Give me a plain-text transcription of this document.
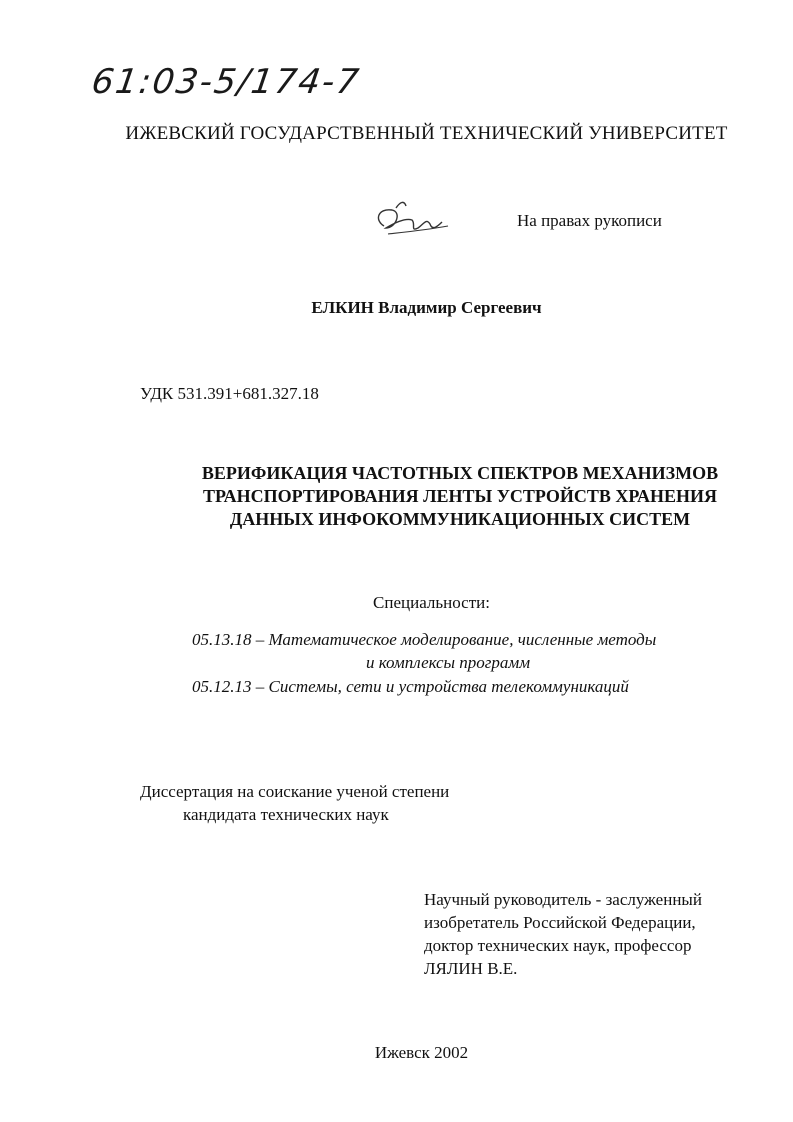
61:03-5/174-7
ИЖЕВСКИЙ ГОСУДАРСТВЕННЫЙ ТЕХНИЧЕСКИЙ УНИВЕРСИТЕТ
На правах рукописи
ЕЛКИН Владимир Сергеевич
УДК 531.391+681.327.18
ВЕРИФИКАЦИЯ ЧАСТОТНЫХ СПЕКТРОВ МЕХАНИЗМОВ
ТРАНСПОРТИРОВАНИЯ ЛЕНТЫ УСТРОЙСТВ ХРАНЕНИЯ
ДАННЫХ ИНФОКОММУНИКАЦИОННЫХ СИСТЕМ
Специальности:
05.13.18 – Математическое моделирование, численные методы
и комплексы программ
05.12.13 – Системы, сети и устройства телекоммуникаций
Диссертация на соискание ученой степени
кандидата технических наук
Научный руководитель - заслуженный
изобретатель Российской Федерации,
доктор технических наук, профессор
ЛЯЛИН В.Е.
Ижевск 2002
